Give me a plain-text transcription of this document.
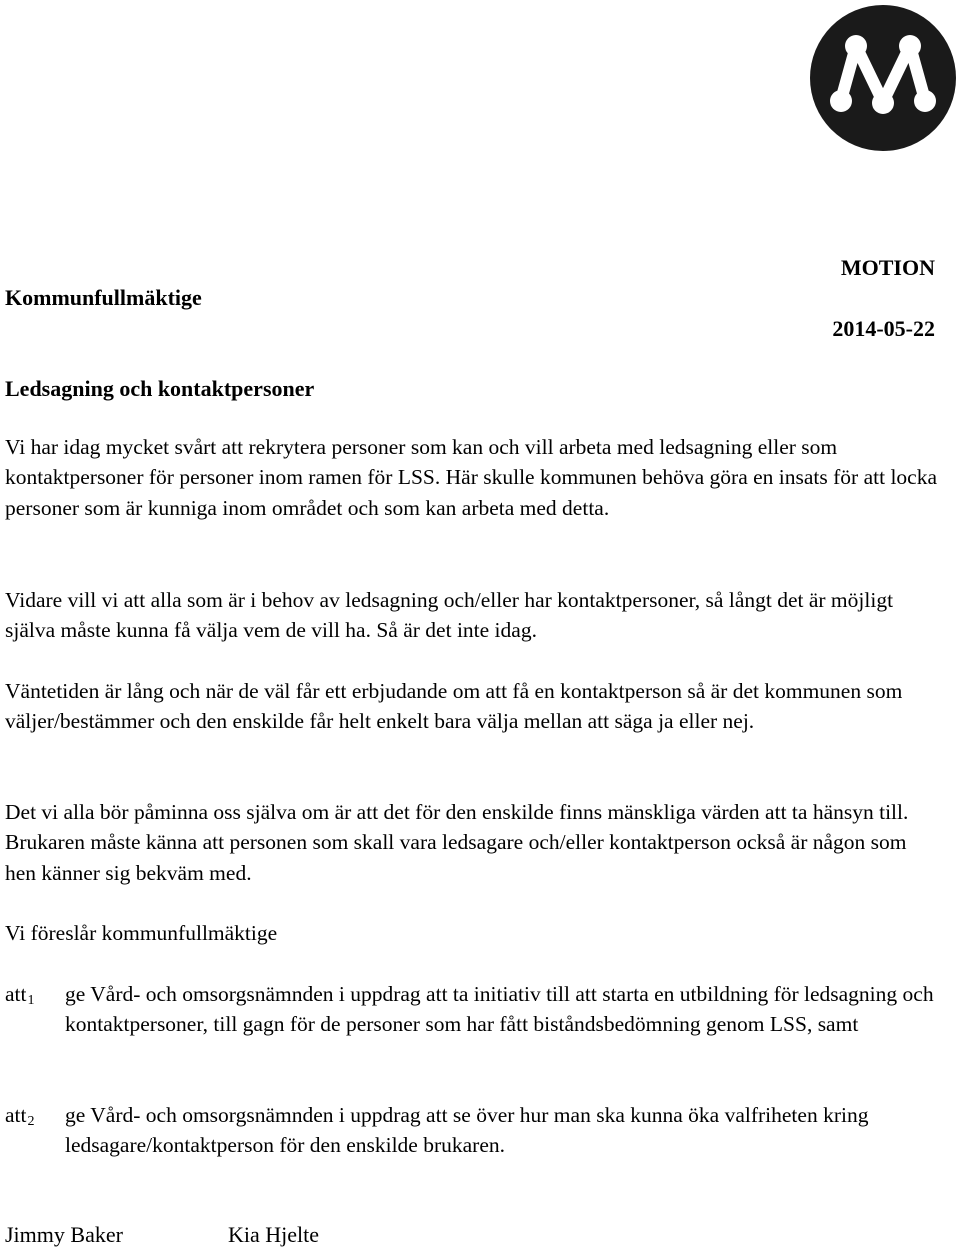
Kommunfullmäktige
MOTION
2014-05-22
Ledsagning och kontaktpersoner

Vi har idag mycket svårt att rekrytera personer som kan och vill arbeta med ledsagning eller som kontaktpersoner för personer inom ramen för LSS. Här skulle kommunen behöva göra en insats för att locka personer som är kunniga inom området och som kan arbeta med detta.

Vidare vill vi att alla som är i behov av ledsagning och/eller har kontaktpersoner, så långt det är möjligt själva måste kunna få välja vem de vill ha. Så är det inte idag.

Väntetiden är lång och när de väl får ett erbjudande om att få en kontaktperson så är det kommunen som väljer/bestämmer och den enskilde får helt enkelt bara välja mellan att säga ja eller nej.

Det vi alla bör påminna oss själva om är att det för den enskilde finns mänskliga värden att ta hänsyn till. Brukaren måste känna att personen som skall vara ledsagare och/eller kontaktperson också är någon som hen känner sig bekväm med.

Vi föreslår kommunfullmäktige
att$_1$ ge Vård- och omsorgsnämnden i uppdrag att ta initiativ till att starta en utbildning för ledsagning och kontaktpersoner, till gagn för de personer som har fått biståndsbedömning genom LSS, samt
att$_2$ ge Vård- och omsorgsnämnden i uppdrag att se över hur man ska kunna öka valfriheten kring ledsagare/kontaktperson för den enskilde brukaren.
Jimmy Baker	Kia Hjelte
